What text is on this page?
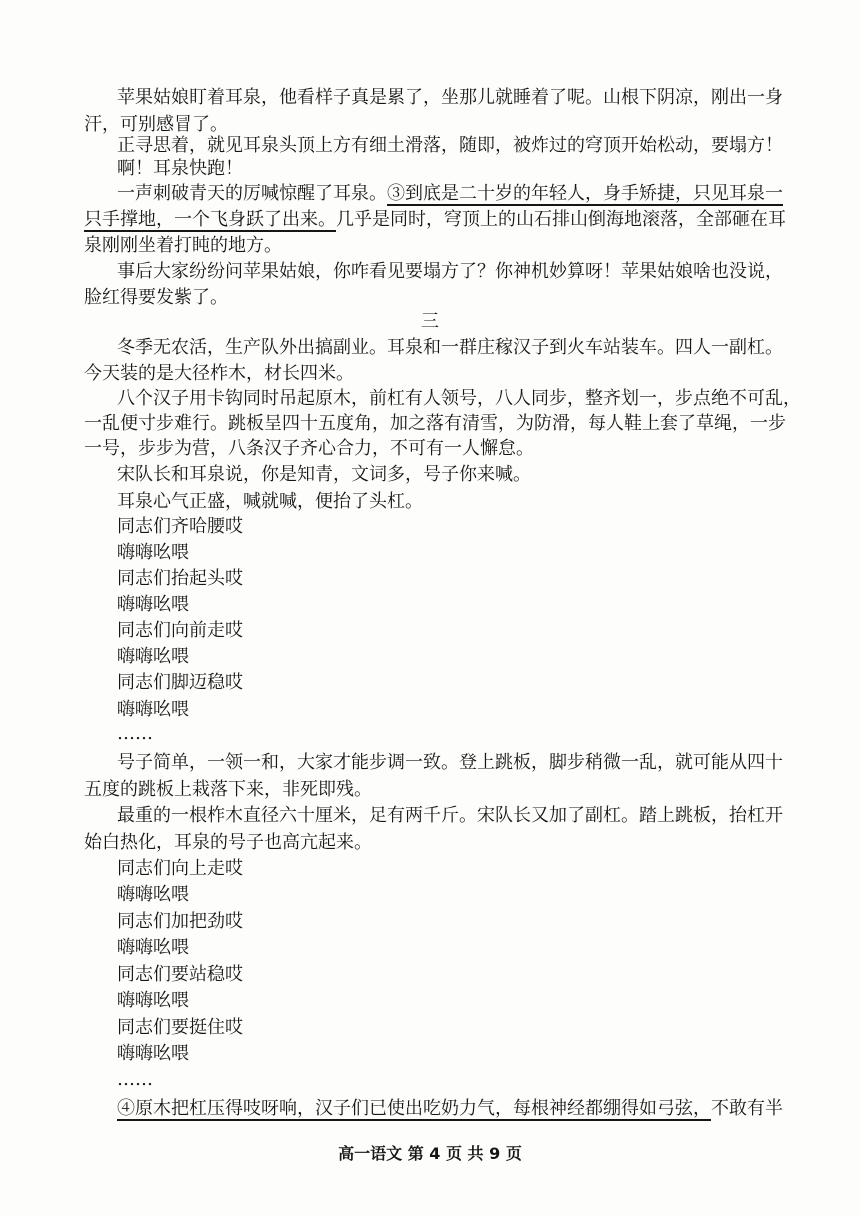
苹果姑娘盯着耳泉，他看样子真是累了，坐那儿就睡着了呢。山根下阴凉，刚出一身
汗，可别感冒了。
正寻思着，就见耳泉头顶上方有细土滑落，随即，被炸过的穹顶开始松动，要塌方！
啊！耳泉快跑！
一声刺破青天的厉喊惊醒了耳泉。③到底是二十岁的年轻人，身手矫捷，只见耳泉一
只手撑地，一个飞身跃了出来。几乎是同时，穹顶上的山石排山倒海地滚落，全部砸在耳
泉刚刚坐着打盹的地方。
事后大家纷纷问苹果姑娘，你咋看见要塌方了？你神机妙算呀！苹果姑娘啥也没说，
脸红得要发紫了。
三
冬季无农活，生产队外出搞副业。耳泉和一群庄稼汉子到火车站装车。四人一副杠。
今天装的是大径柞木，材长四米。
八个汉子用卡钩同时吊起原木，前杠有人领号，八人同步，整齐划一，步点绝不可乱，
一乱便寸步难行。跳板呈四十五度角，加之落有清雪，为防滑，每人鞋上套了草绳，一步
一号，步步为营，八条汉子齐心合力，不可有一人懈怠。
宋队长和耳泉说，你是知青，文词多，号子你来喊。
耳泉心气正盛，喊就喊，便抬了头杠。
同志们齐哈腰哎
嗨嗨吆喂
同志们抬起头哎
嗨嗨吆喂
同志们向前走哎
嗨嗨吆喂
同志们脚迈稳哎
嗨嗨吆喂
……
号子简单，一领一和，大家才能步调一致。登上跳板，脚步稍微一乱，就可能从四十
五度的跳板上栽落下来，非死即残。
最重的一根柞木直径六十厘米，足有两千斤。宋队长又加了副杠。踏上跳板，抬杠开
始白热化，耳泉的号子也高亢起来。
同志们向上走哎
嗨嗨吆喂
同志们加把劲哎
嗨嗨吆喂
同志们要站稳哎
嗨嗨吆喂
同志们要挺住哎
嗨嗨吆喂
……
④原木把杠压得吱呀响，汉子们已使出吃奶力气，每根神经都绷得如弓弦，不敢有半
高一语文 第 4 页 共 9 页
